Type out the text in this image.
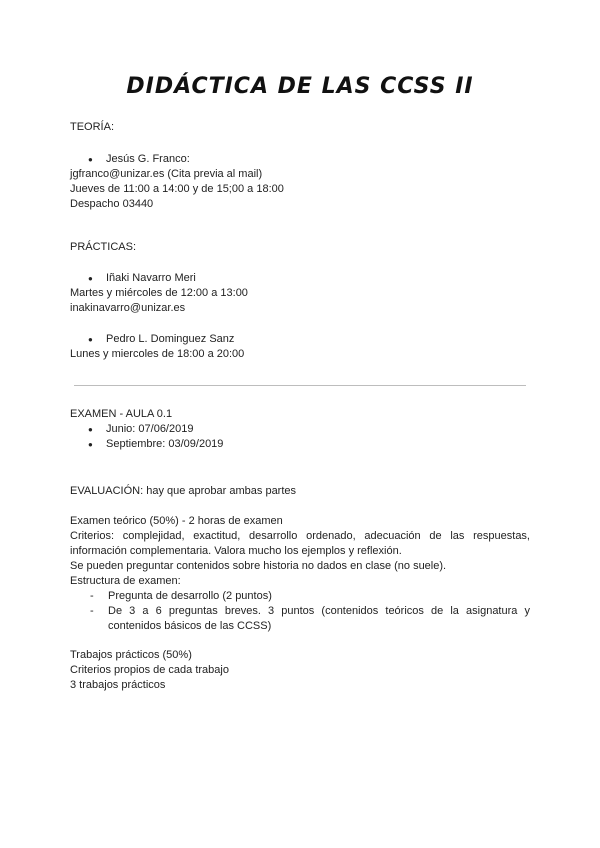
DIDÁCTICA DE LAS CCSS II
TEORÍA:
● Jesús G. Franco:
jgfranco@unizar.es (Cita previa al mail)
Jueves de 11:00 a 14:00 y de 15;00 a 18:00
Despacho 03440
PRÁCTICAS:
● Iñaki Navarro Meri
Martes y miércoles de 12:00 a 13:00
inakinavarro@unizar.es
● Pedro L. Dominguez Sanz
Lunes y miercoles de 18:00 a 20:00
EXAMEN - AULA 0.1
● Junio: 07/06/2019
● Septiembre: 03/09/2019
EVALUACIÓN: hay que aprobar ambas partes
Examen teórico (50%) - 2 horas de examen
Criterios: complejidad, exactitud, desarrollo ordenado, adecuación de las respuestas, información complementaria. Valora mucho los ejemplos y reflexión.
Se pueden preguntar contenidos sobre historia no dados en clase (no suele).
Estructura de examen:
- Pregunta de desarrollo (2 puntos)
- De 3 a 6 preguntas breves. 3 puntos (contenidos teóricos de la asignatura y contenidos básicos de las CCSS)
Trabajos prácticos (50%)
Criterios propios de cada trabajo
3 trabajos prácticos
